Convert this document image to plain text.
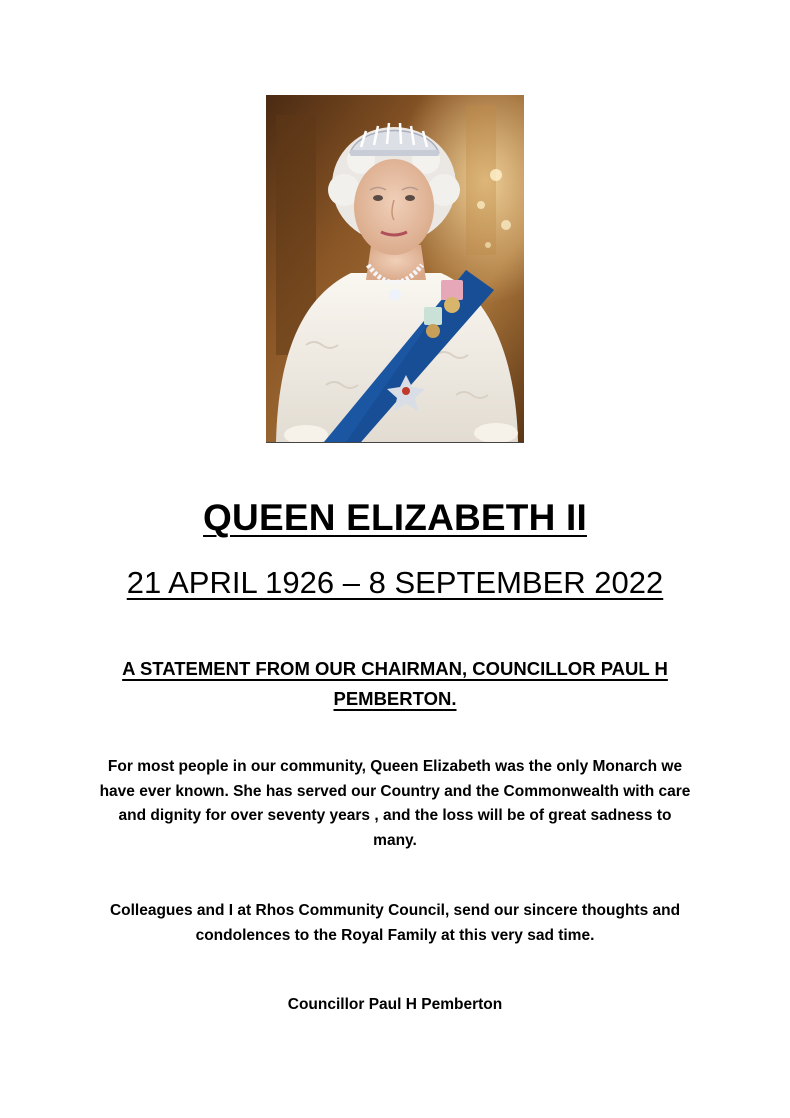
QUEEN ELIZABETH II
21 APRIL 1926 – 8 SEPTEMBER 2022
A STATEMENT FROM OUR CHAIRMAN, COUNCILLOR PAUL H PEMBERTON.
For most people in our community, Queen Elizabeth was the only Monarch we have ever known. She has served our Country and the Commonwealth with care and dignity for over seventy years , and the loss will be of great sadness to many.
Colleagues and I at Rhos Community Council, send our sincere thoughts and condolences to the Royal Family at this very sad time.
Councillor Paul H Pemberton
